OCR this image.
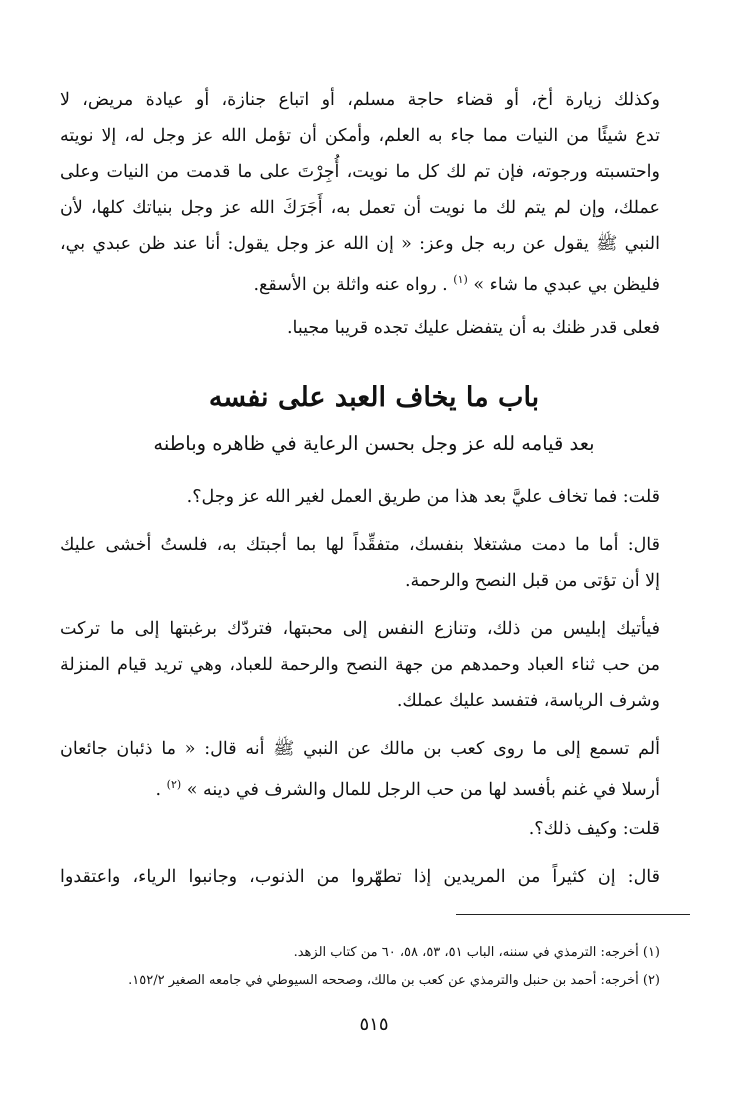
وكذلك زيارة أخ، أو قضاء حاجة مسلم، أو اتباع جنازة، أو عيادة مريض، لا
تدع شيئًا من النيات مما جاء به العلم، وأمكن أن تؤمل الله عز وجل له، إلا نويته
واحتسبته ورجوته، فإن تم لك كل ما نويت، أُجِرْتَ على ما قدمت من النيات وعلى
عملك، وإن لم يتم لك ما نويت أن تعمل به، أَجَرَكَ الله عز وجل بنياتك كلها، لأن
النبي ﷺ يقول عن ربه جل وعز: « إن الله عز وجل يقول: أنا عند ظن عبدي بي،
فليظن بي عبدي ما شاء » $^{(١)}$ . رواه عنه واثلة بن الأسقع.
فعلى قدر ظنك به أن يتفضل عليك تجده قريبا مجيبا.
باب ما يخاف العبد على نفسه
بعد قيامه لله عز وجل بحسن الرعاية في ظاهره وباطنه
قلت: فما تخاف عليَّ بعد هذا من طريق العمل لغير الله عز وجل؟.
قال: أما ما دمت مشتغلا بنفسك، متفقِّداً لها بما أجبتك به، فلستُ أخشى عليك
إلا أن تؤتى من قبل النصح والرحمة.
فيأتيك إبليس من ذلك، وتنازع النفس إلى محبتها، فتردّك برغبتها إلى ما تركت
من حب ثناء العباد وحمدهم من جهة النصح والرحمة للعباد، وهي تريد قيام المنزلة
وشرف الرياسة، فتفسد عليك عملك.
ألم تسمع إلى ما روى كعب بن مالك عن النبي ﷺ أنه قال: « ما ذئبان جائعان
أرسلا في غنم بأفسد لها من حب الرجل للمال والشرف في دينه » $^{(٢)}$ .
قلت: وكيف ذلك؟.
قال: إن كثيراً من المريدين إذا تطهّروا من الذنوب، وجانبوا الرياء، واعتقدوا
(١) أخرجه: الترمذي في سننه، الباب ٥١، ٥٣، ٥٨، ٦٠ من كتاب الزهد.
(٢) أخرجه: أحمد بن حنبل والترمذي عن كعب بن مالك، وصححه السيوطي في جامعه الصغير ١٥٢/٢.
٥١٥
